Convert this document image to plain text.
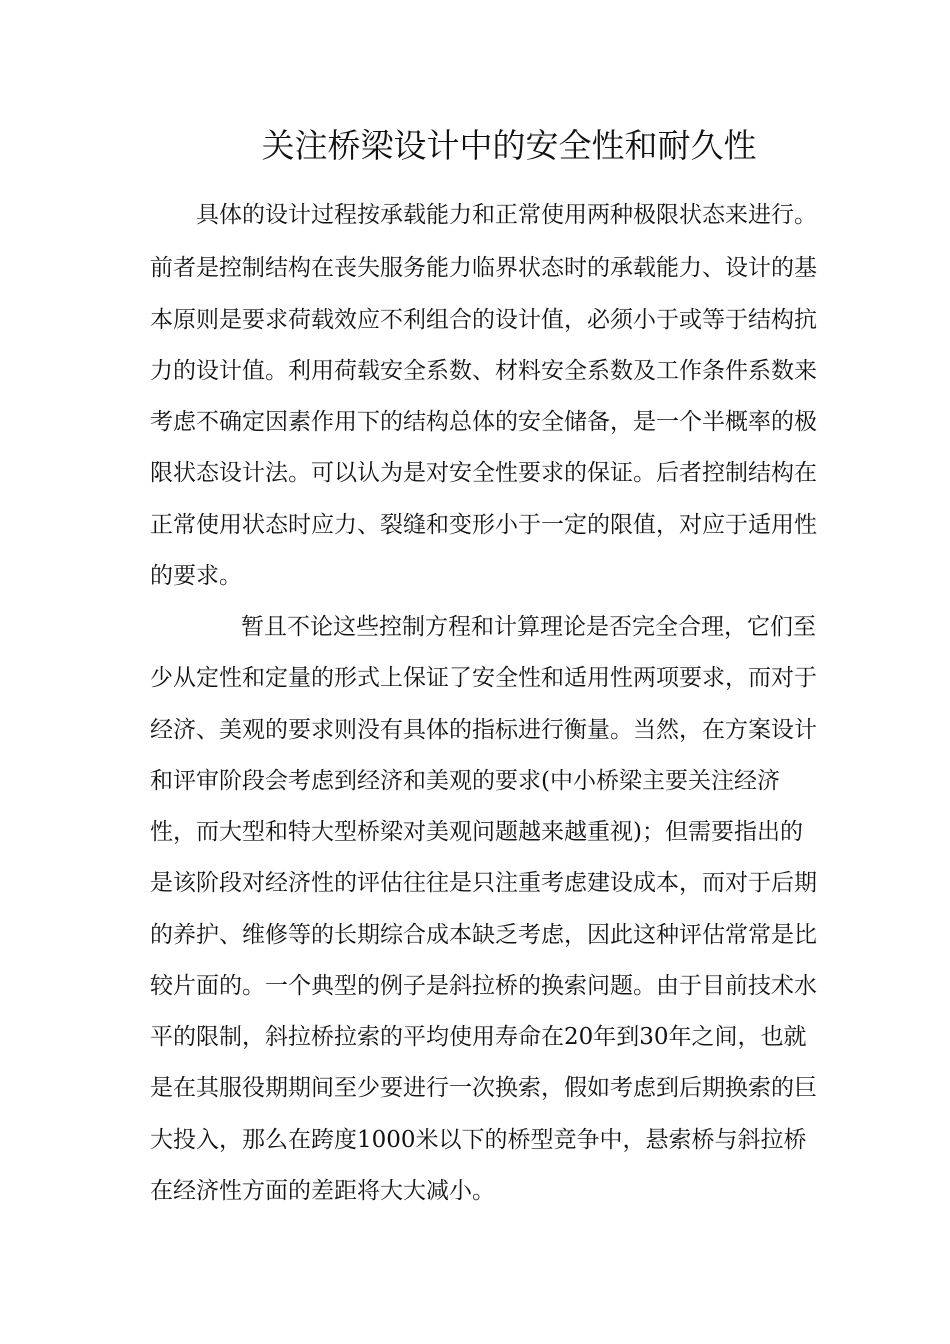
关注桥梁设计中的安全性和耐久性
具体的设计过程按承载能力和正常使用两种极限状态来进行。
前者是控制结构在丧失服务能力临界状态时的承载能力、设计的基
本原则是要求荷载效应不利组合的设计值，必须小于或等于结构抗
力的设计值。利用荷载安全系数、材料安全系数及工作条件系数来
考虑不确定因素作用下的结构总体的安全储备，是一个半概率的极
限状态设计法。可以认为是对安全性要求的保证。后者控制结构在
正常使用状态时应力、裂缝和变形小于一定的限值，对应于适用性
的要求。
暂且不论这些控制方程和计算理论是否完全合理，它们至
少从定性和定量的形式上保证了安全性和适用性两项要求，而对于
经济、美观的要求则没有具体的指标进行衡量。当然，在方案设计
和评审阶段会考虑到经济和美观的要求(中小桥梁主要关注经济
性，而大型和特大型桥梁对美观问题越来越重视)；但需要指出的
是该阶段对经济性的评估往往是只注重考虑建设成本，而对于后期
的养护、维修等的长期综合成本缺乏考虑，因此这种评估常常是比
较片面的。一个典型的例子是斜拉桥的换索问题。由于目前技术水
平的限制，斜拉桥拉索的平均使用寿命在20年到30年之间，也就
是在其服役期期间至少要进行一次换索，假如考虑到后期换索的巨
大投入，那么在跨度1000米以下的桥型竞争中，悬索桥与斜拉桥
在经济性方面的差距将大大减小。
